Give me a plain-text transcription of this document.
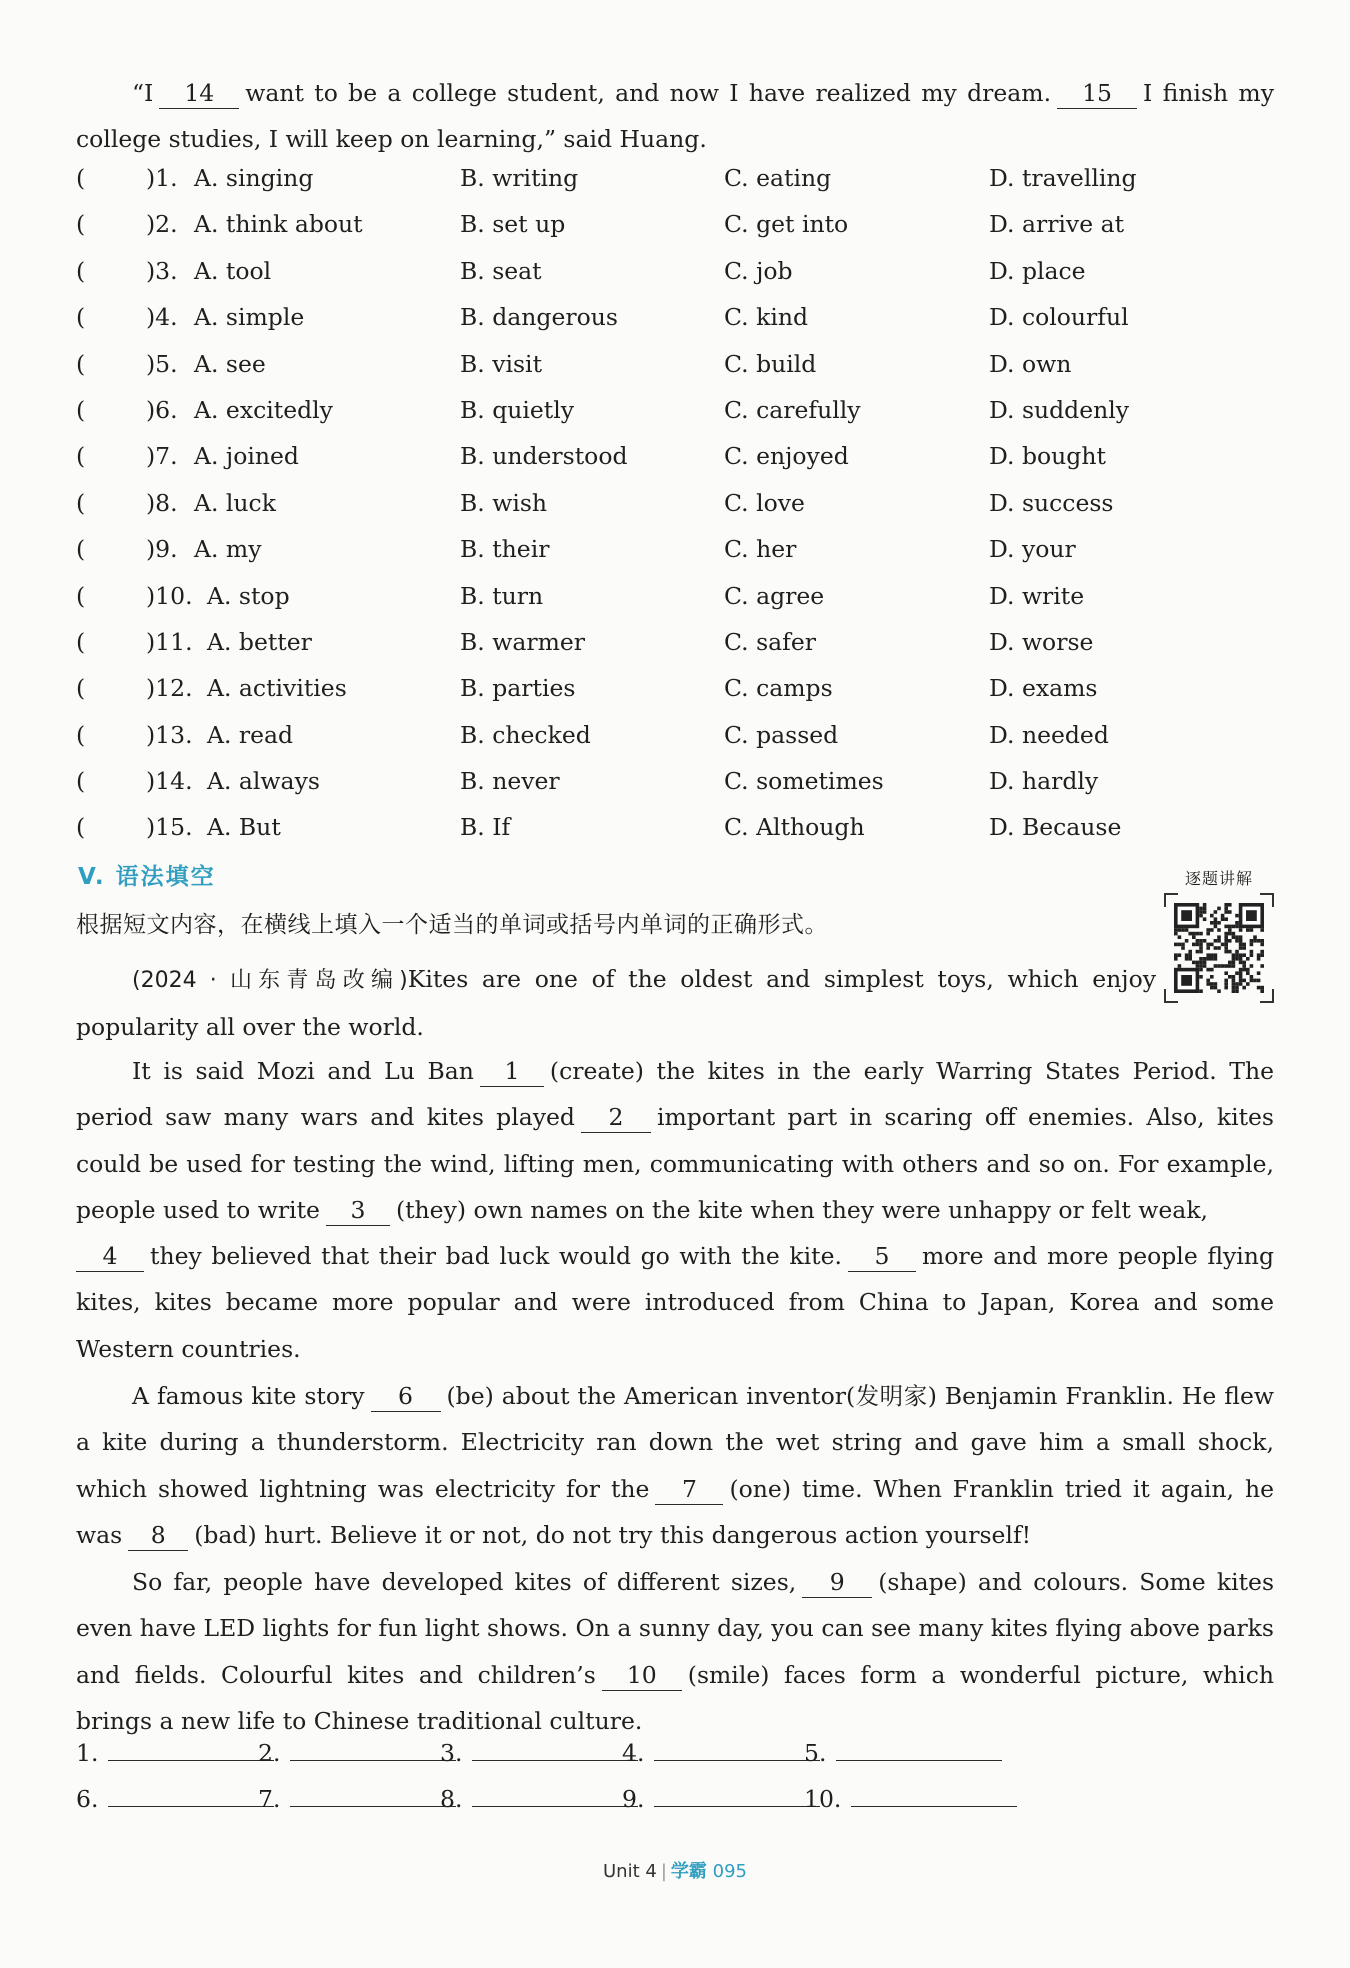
“I 14 want to be a college student, and now I have realized my dream. 15 I finish my college studies, I will keep on learning,” said Huang.

(	)1. A. singing	B. writing	C. eating	D. travelling
(	)2. A. think about	B. set up	C. get into	D. arrive at
(	)3. A. tool	B. seat	C. job	D. place
(	)4. A. simple	B. dangerous	C. kind	D. colourful
(	)5. A. see	B. visit	C. build	D. own
(	)6. A. excitedly	B. quietly	C. carefully	D. suddenly
(	)7. A. joined	B. understood	C. enjoyed	D. bought
(	)8. A. luck	B. wish	C. love	D. success
(	)9. A. my	B. their	C. her	D. your
(	)10. A. stop	B. turn	C. agree	D. write
(	)11. A. better	B. warmer	C. safer	D. worse
(	)12. A. activities	B. parties	C. camps	D. exams
(	)13. A. read	B. checked	C. passed	D. needed
(	)14. A. always	B. never	C. sometimes	D. hardly
(	)15. A. But	B. If	C. Although	D. Because
V. 语法填空
根据短文内容，在横线上填入一个适当的单词或括号内单词的正确形式。
逐题讲解

(2024 · 山东青岛改编)Kites are one of the oldest and simplest toys, which enjoy popularity all over the world.

It is said Mozi and Lu Ban 1 (create) the kites in the early Warring States Period. The period saw many wars and kites played 2 important part in scaring off enemies. Also, kites could be used for testing the wind, lifting men, communicating with others and so on. For example, people used to write 3 (they) own names on the kite when they were unhappy or felt weak,
4 they believed that their bad luck would go with the kite. 5 more and more people flying kites, kites became more popular and were introduced from China to Japan, Korea and some Western countries.

A famous kite story 6 (be) about the American inventor(发明家) Benjamin Franklin. He flew a kite during a thunderstorm. Electricity ran down the wet string and gave him a small shock, which showed lightning was electricity for the 7 (one) time. When Franklin tried it again, he was 8 (bad) hurt. Believe it or not, do not try this dangerous action yourself!

So far, people have developed kites of different sizes, 9 (shape) and colours. Some kites even have LED lights for fun light shows. On a sunny day, you can see many kites flying above parks and fields. Colourful kites and children’s 10 (smile) faces form a wonderful picture, which brings a new life to Chinese traditional culture.

1.	2.	3.	4.	5.
6.	7.	8.	9.	10.
Unit 4 | 学霸 095
